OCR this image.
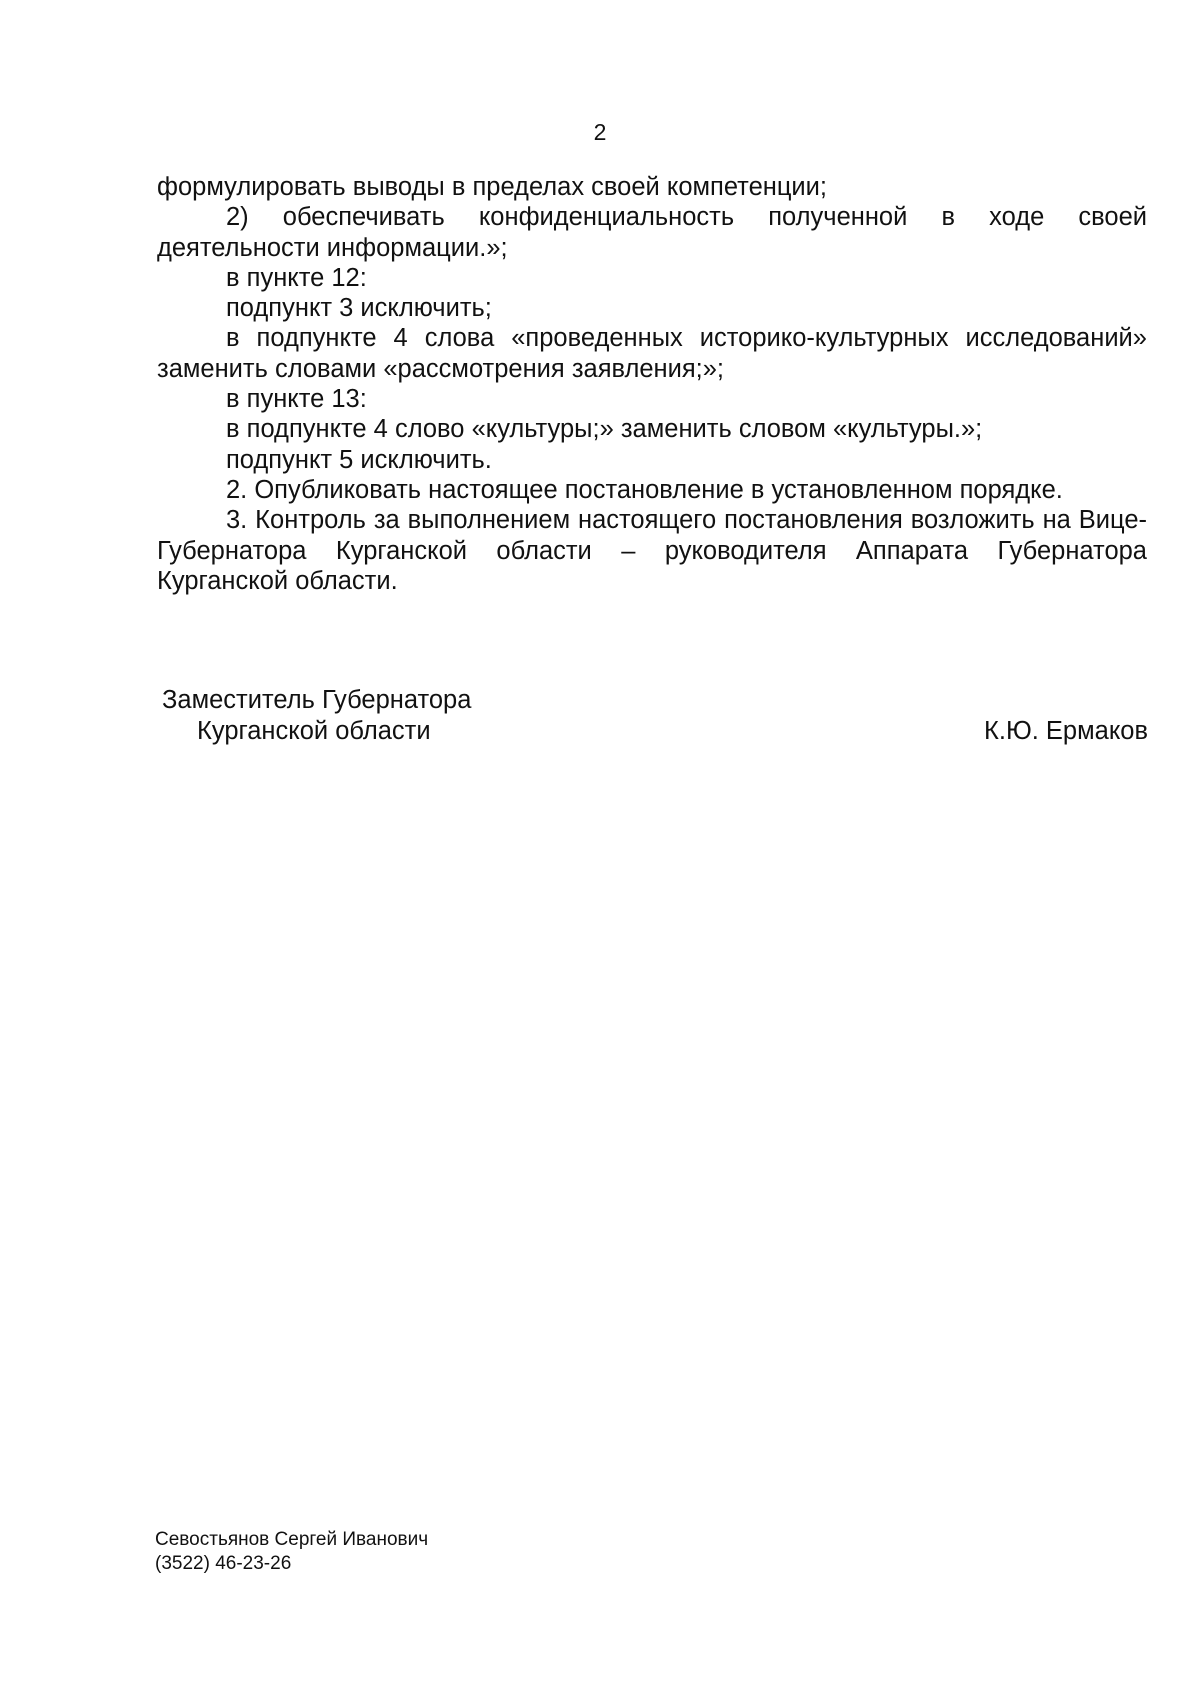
2

формулировать выводы в пределах своей компетенции;

2) обеспечивать конфиденциальность полученной в ходе своей деятельности информации.»;

в пункте 12:

подпункт 3 исключить;

в подпункте 4 слова «проведенных историко-культурных исследований» заменить словами «рассмотрения заявления;»;

в пункте 13:

в подпункте 4 слово «культуры;» заменить словом «культуры.»;

подпункт 5 исключить.

2. Опубликовать настоящее постановление в установленном порядке.

3. Контроль за выполнением настоящего постановления возложить на Вице-Губернатора Курганской области – руководителя Аппарата Губернатора Курганской области.

Заместитель Губернатора
Курганской области	К.Ю. Ермаков
Севостьянов Сергей Иванович
(3522) 46-23-26
